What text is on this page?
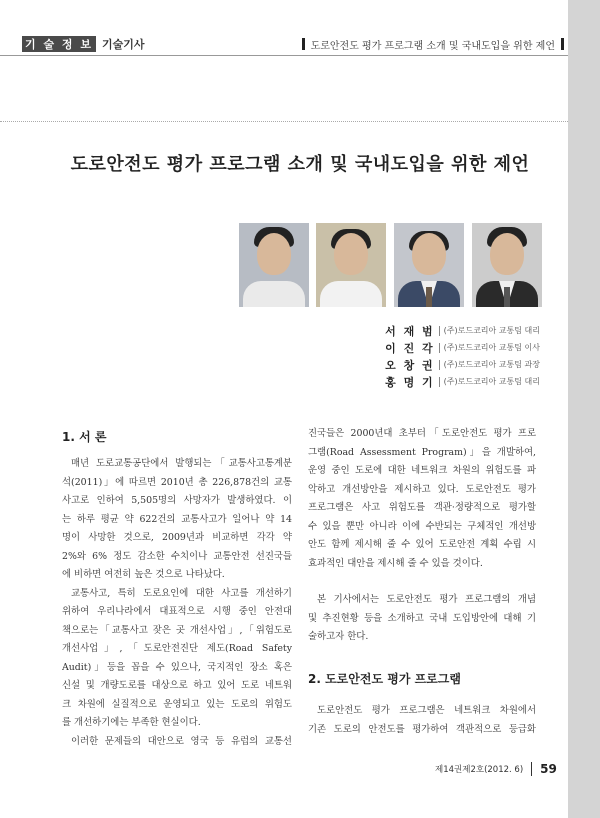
기 술 정 보 기술기사	도로안전도 평가 프로그램 소개 및 국내도입을 위한 제언
도로안전도 평가 프로그램 소개 및 국내도입을 위한 제언
서 재 범 (주)로드코리아 교통팀 대리
이 진 각 (주)로드코리아 교통팀 이사
오 창 권 (주)로드코리아 교통팀 과장
홍 명 기 (주)로드코리아 교통팀 대리
1. 서 론
매년 도로교통공단에서 발행되는「교통사고통계분
석(2011)」에 따르면 2010년 총 226,878건의 교통
사고로 인하여 5,505명의 사망자가 발생하였다. 이
는 하루 평균 약 622건의 교통사고가 일어나 약 14
명이 사망한 것으로, 2009년과 비교하면 각각 약
2%와 6% 정도 감소한 수치이나 교통안전 선진국들
에 비하면 여전히 높은 것으로 나타났다.
교통사고, 특히 도로요인에 대한 사고를 개선하기
위하여 우리나라에서 대표적으로 시행 중인 안전대
책으로는「교통사고 잦은 곳 개선사업」,「위험도로
개선사업」,「도로안전진단 제도(Road Safety
Audit)」등을 꼽을 수 있으나, 국지적인 장소 혹은
신설 및 개량도로를 대상으로 하고 있어 도로 네트워
크 차원에 실질적으로 운영되고 있는 도로의 위험도
를 개선하기에는 부족한 현실이다.
이러한 문제들의 대안으로 영국 등 유럽의 교통선
진국들은 2000년대 초부터「도로안전도 평가 프로
그램(Road Assessment Program)」을 개발하여,
운영 중인 도로에 대한 네트워크 차원의 위험도를 파
악하고 개선방안을 제시하고 있다. 도로안전도 평가
프로그램은 사고 위험도를 객관·정량적으로 평가할
수 있을 뿐만 아니라 이에 수반되는 구체적인 개선방
안도 함께 제시해 줄 수 있어 도로안전 계획 수립 시
효과적인 대안을 제시해 줄 수 있을 것이다.
본 기사에서는 도로안전도 평가 프로그램의 개념
및 추진현황 등을 소개하고 국내 도입방안에 대해 기
술하고자 한다.
2. 도로안전도 평가 프로그램
도로안전도 평가 프로그램은 네트워크 차원에서
기존 도로의 안전도를 평가하여 객관적으로 등급화
제14권제2호(2012. 6) 59
